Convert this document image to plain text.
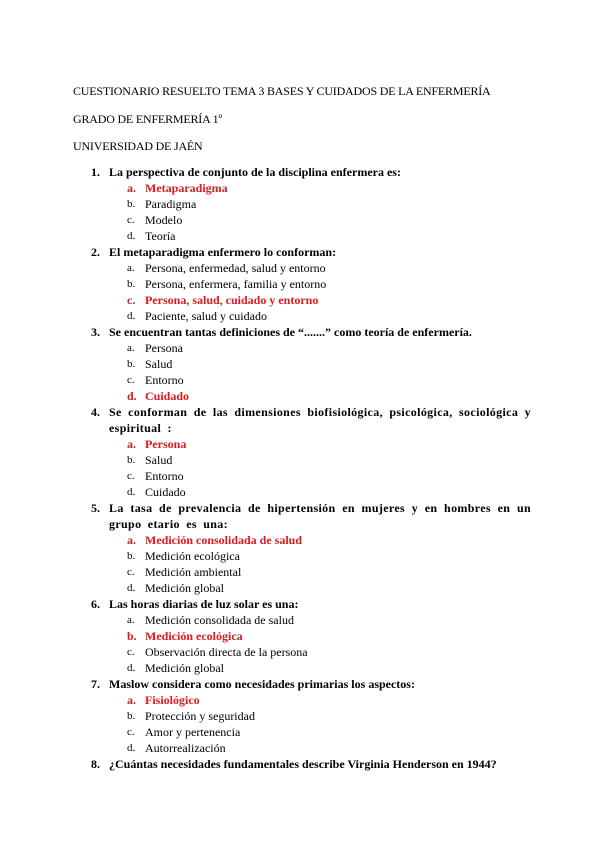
CUESTIONARIO RESUELTO TEMA 3 BASES Y CUIDADOS DE LA ENFERMERÍA
GRADO DE ENFERMERÍA 1º
UNIVERSIDAD DE JAÉN
1. La perspectiva de conjunto de la disciplina enfermera es:
a. Metaparadigma
b. Paradigma
c. Modelo
d. Teoría
2. El metaparadigma enfermero lo conforman:
a. Persona, enfermedad, salud y entorno
b. Persona, enfermera, familia y entorno
c. Persona, salud, cuidado y entorno
d. Paciente, salud y cuidado
3. Se encuentran tantas definiciones de “.......” como teoría de enfermería.
a. Persona
b. Salud
c. Entorno
d. Cuidado
4. Se conforman de las dimensiones biofisiológica, psicológica, sociológica y espiritual :
a. Persona
b. Salud
c. Entorno
d. Cuidado
5. La tasa de prevalencia de hipertensión en mujeres y en hombres en un grupo etario es una:
a. Medición consolidada de salud
b. Medición ecológica
c. Medición ambiental
d. Medición global
6. Las horas diarias de luz solar es una:
a. Medición consolidada de salud
b. Medición ecológica
c. Observación directa de la persona
d. Medición global
7. Maslow considera como necesidades primarias los aspectos:
a. Fisiológico
b. Protección y seguridad
c. Amor y pertenencia
d. Autorrealización
8. ¿Cuántas necesidades fundamentales describe Virginia Henderson en 1944?
